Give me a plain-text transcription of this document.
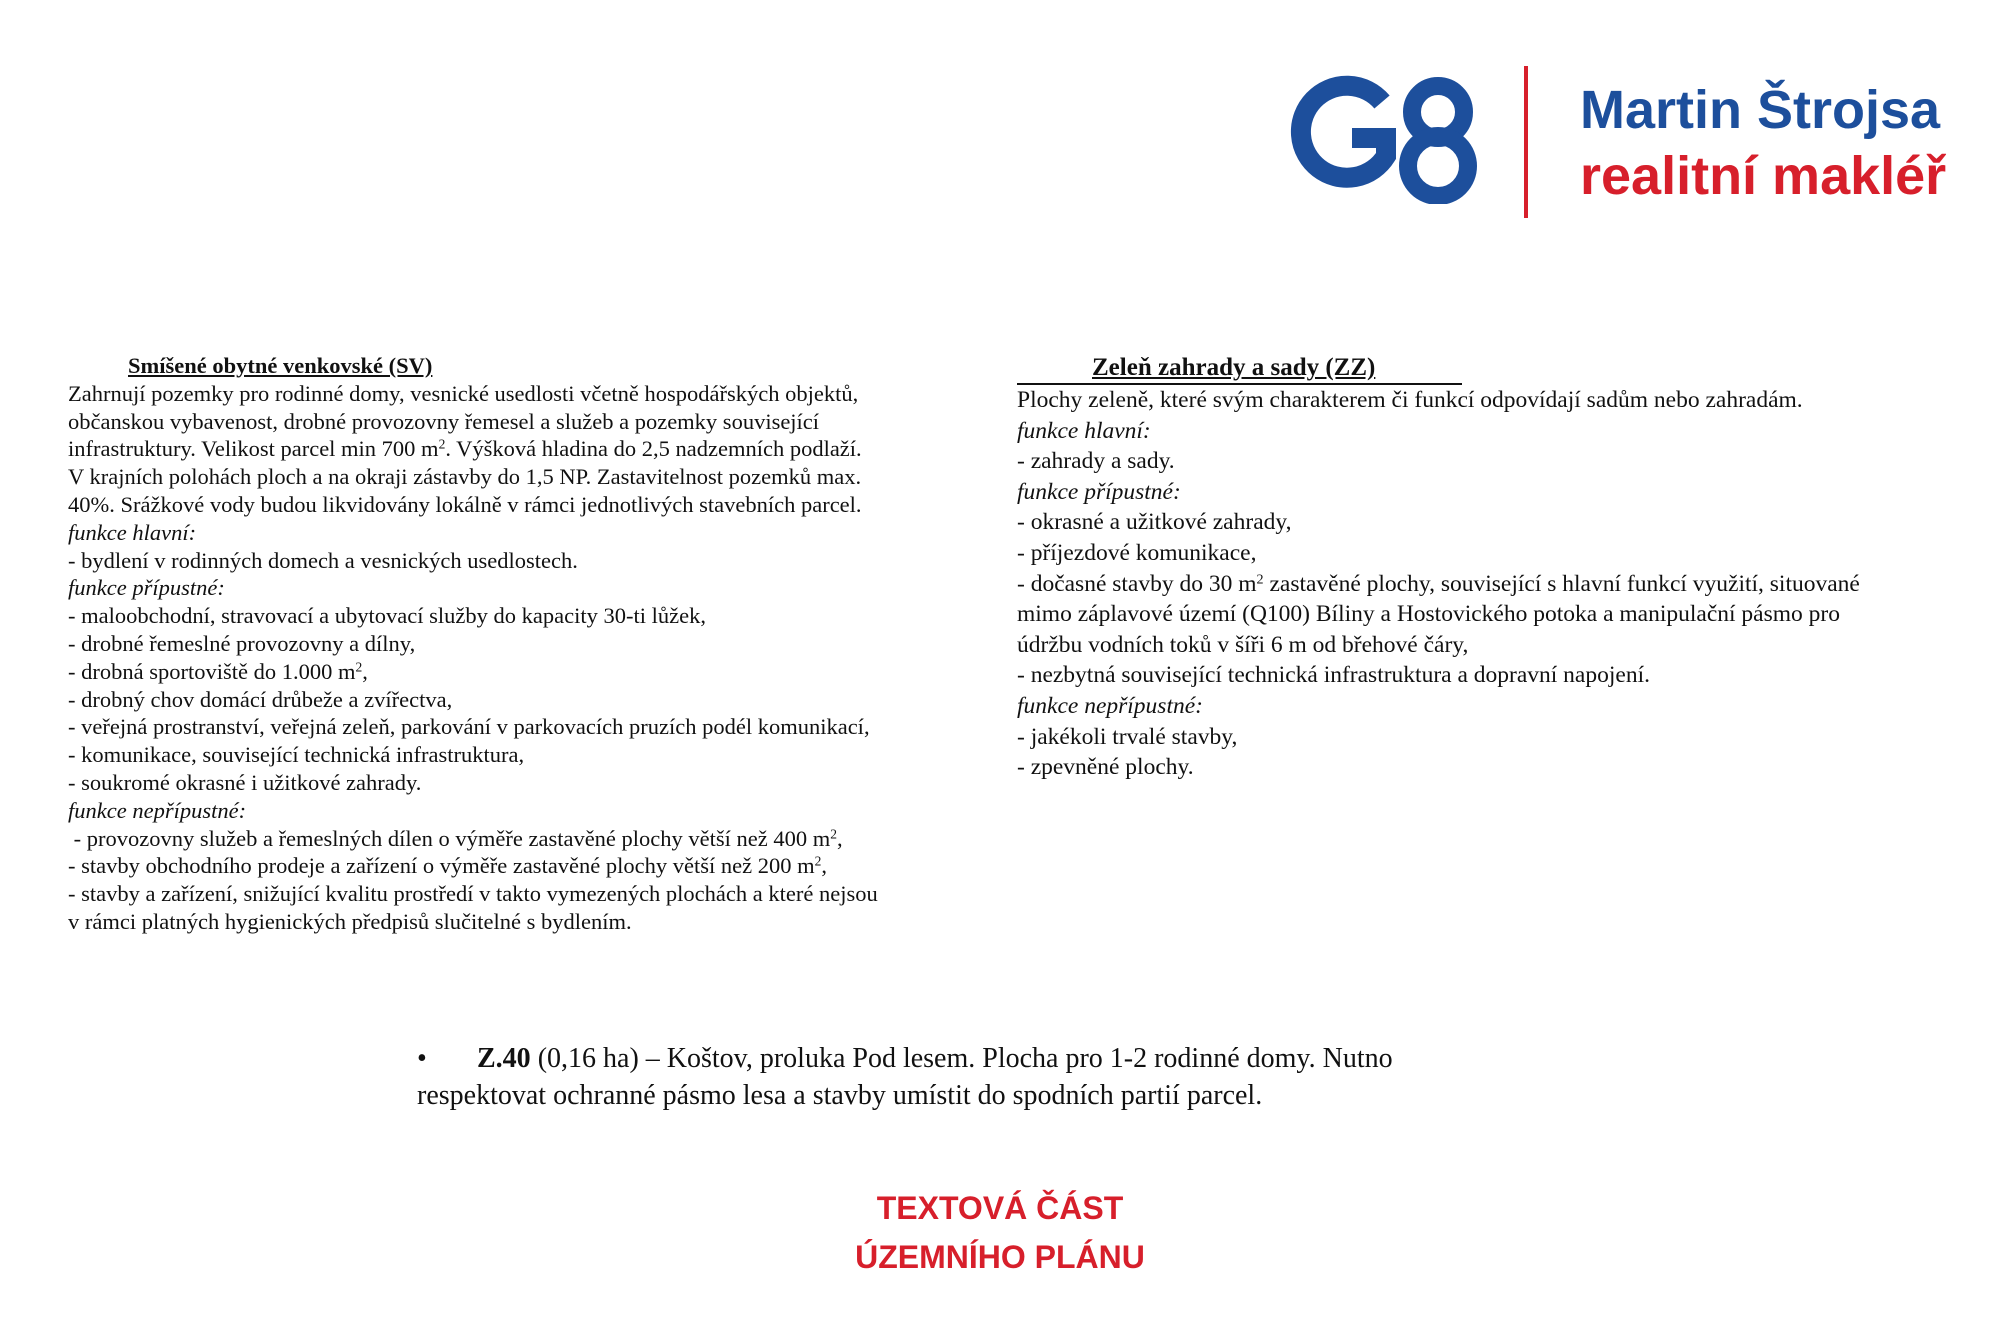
Martin Štrojsa
realitní makléř

Smíšené obytné venkovské (SV)

Zahrnují pozemky pro rodinné domy, vesnické usedlosti včetně hospodářských objektů,

občanskou vybavenost, drobné provozovny řemesel a služeb a pozemky související

infrastruktury. Velikost parcel min 700 $m^2$. Výšková hladina do 2,5 nadzemních podlaží.

V krajních polohách ploch a na okraji zástavby do 1,5 NP. Zastavitelnost pozemků max.

40%. Srážkové vody budou likvidovány lokálně v rámci jednotlivých stavebních parcel.

funkce hlavní:

- bydlení v rodinných domech a vesnických usedlostech.

funkce přípustné:

- maloobchodní, stravovací a ubytovací služby do kapacity 30-ti lůžek,

- drobné řemeslné provozovny a dílny,

- drobná sportoviště do 1.000 $m^2$,

- drobný chov domácí drůbeže a zvířectva,

- veřejná prostranství, veřejná zeleň, parkování v parkovacích pruzích podél komunikací,

- komunikace, související technická infrastruktura,

- soukromé okrasné i užitkové zahrady.

funkce nepřípustné:

- provozovny služeb a řemeslných dílen o výměře zastavěné plochy větší než 400 $m^2$,

- stavby obchodního prodeje a zařízení o výměře zastavěné plochy větší než 200 $m^2$,

- stavby a zařízení, snižující kvalitu prostředí v takto vymezených plochách a které nejsou

v rámci platných hygienických předpisů slučitelné s bydlením.

Zeleň zahrady a sady (ZZ)

Plochy zeleně, které svým charakterem či funkcí odpovídají sadům nebo zahradám.

funkce hlavní:

- zahrady a sady.

funkce přípustné:

- okrasné a užitkové zahrady,

- příjezdové komunikace,

- dočasné stavby do 30 $m^2$ zastavěné plochy, související s hlavní funkcí využití, situované

mimo záplavové území (Q100) Bíliny a Hostovického potoka a manipulační pásmo pro

údržbu vodních toků v šíři 6 m od břehové čáry,

- nezbytná související technická infrastruktura a dopravní napojení.

funkce nepřípustné:

- jakékoli trvalé stavby,

- zpevněné plochy.

• Z.40 (0,16 ha) – Koštov, proluka Pod lesem. Plocha pro 1-2 rodinné domy. Nutno

respektovat ochranné pásmo lesa a stavby umístit do spodních partií parcel.

TEXTOVÁ ČÁST
ÚZEMNÍHO PLÁNU
